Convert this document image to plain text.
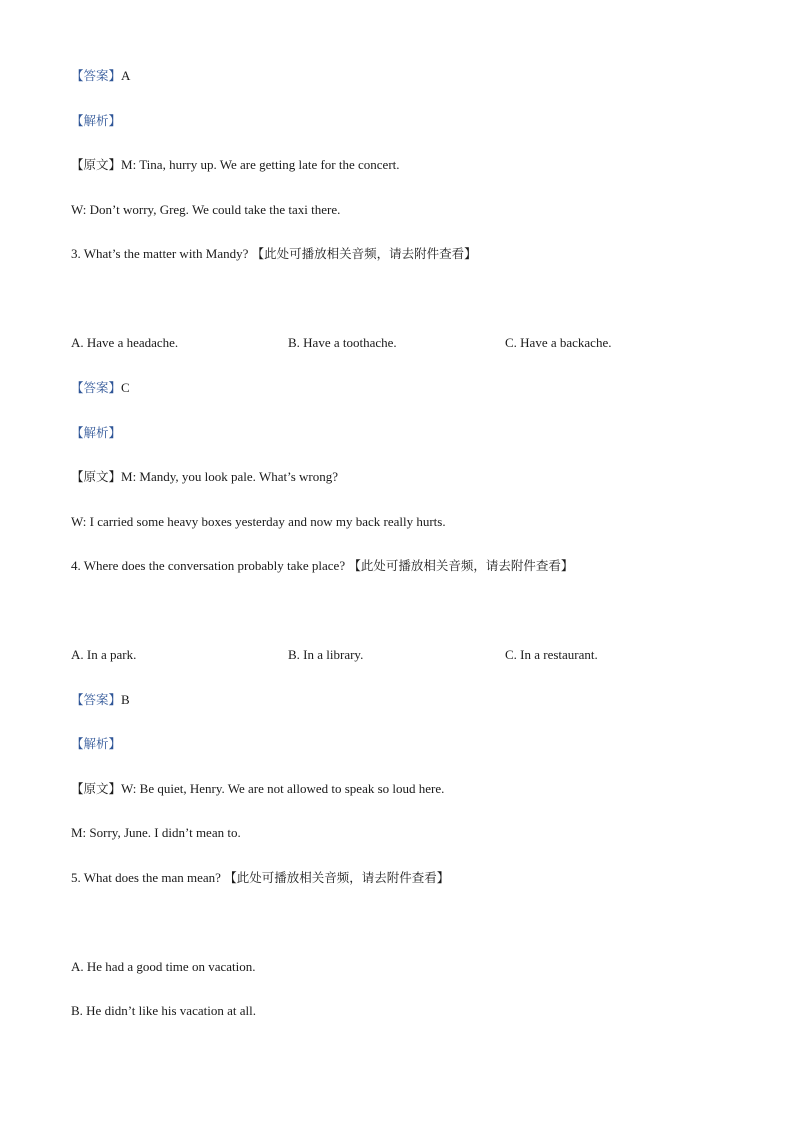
【答案】A
【解析】
【原文】M: Tina, hurry up. We are getting late for the concert.
W: Don’t worry, Greg. We could take the taxi there.
3. What’s the matter with Mandy? 【此处可播放相关音频，请去附件查看】
A. Have a headache.	B. Have a toothache.	C. Have a backache.
【答案】C
【解析】
【原文】M: Mandy, you look pale. What’s wrong?
W: I carried some heavy boxes yesterday and now my back really hurts.
4. Where does the conversation probably take place? 【此处可播放相关音频，请去附件查看】
A. In a park.	B. In a library.	C. In a restaurant.
【答案】B
【解析】
【原文】W: Be quiet, Henry. We are not allowed to speak so loud here.
M: Sorry, June. I didn’t mean to.
5. What does the man mean? 【此处可播放相关音频，请去附件查看】
A. He had a good time on vacation.
B. He didn’t like his vacation at all.
